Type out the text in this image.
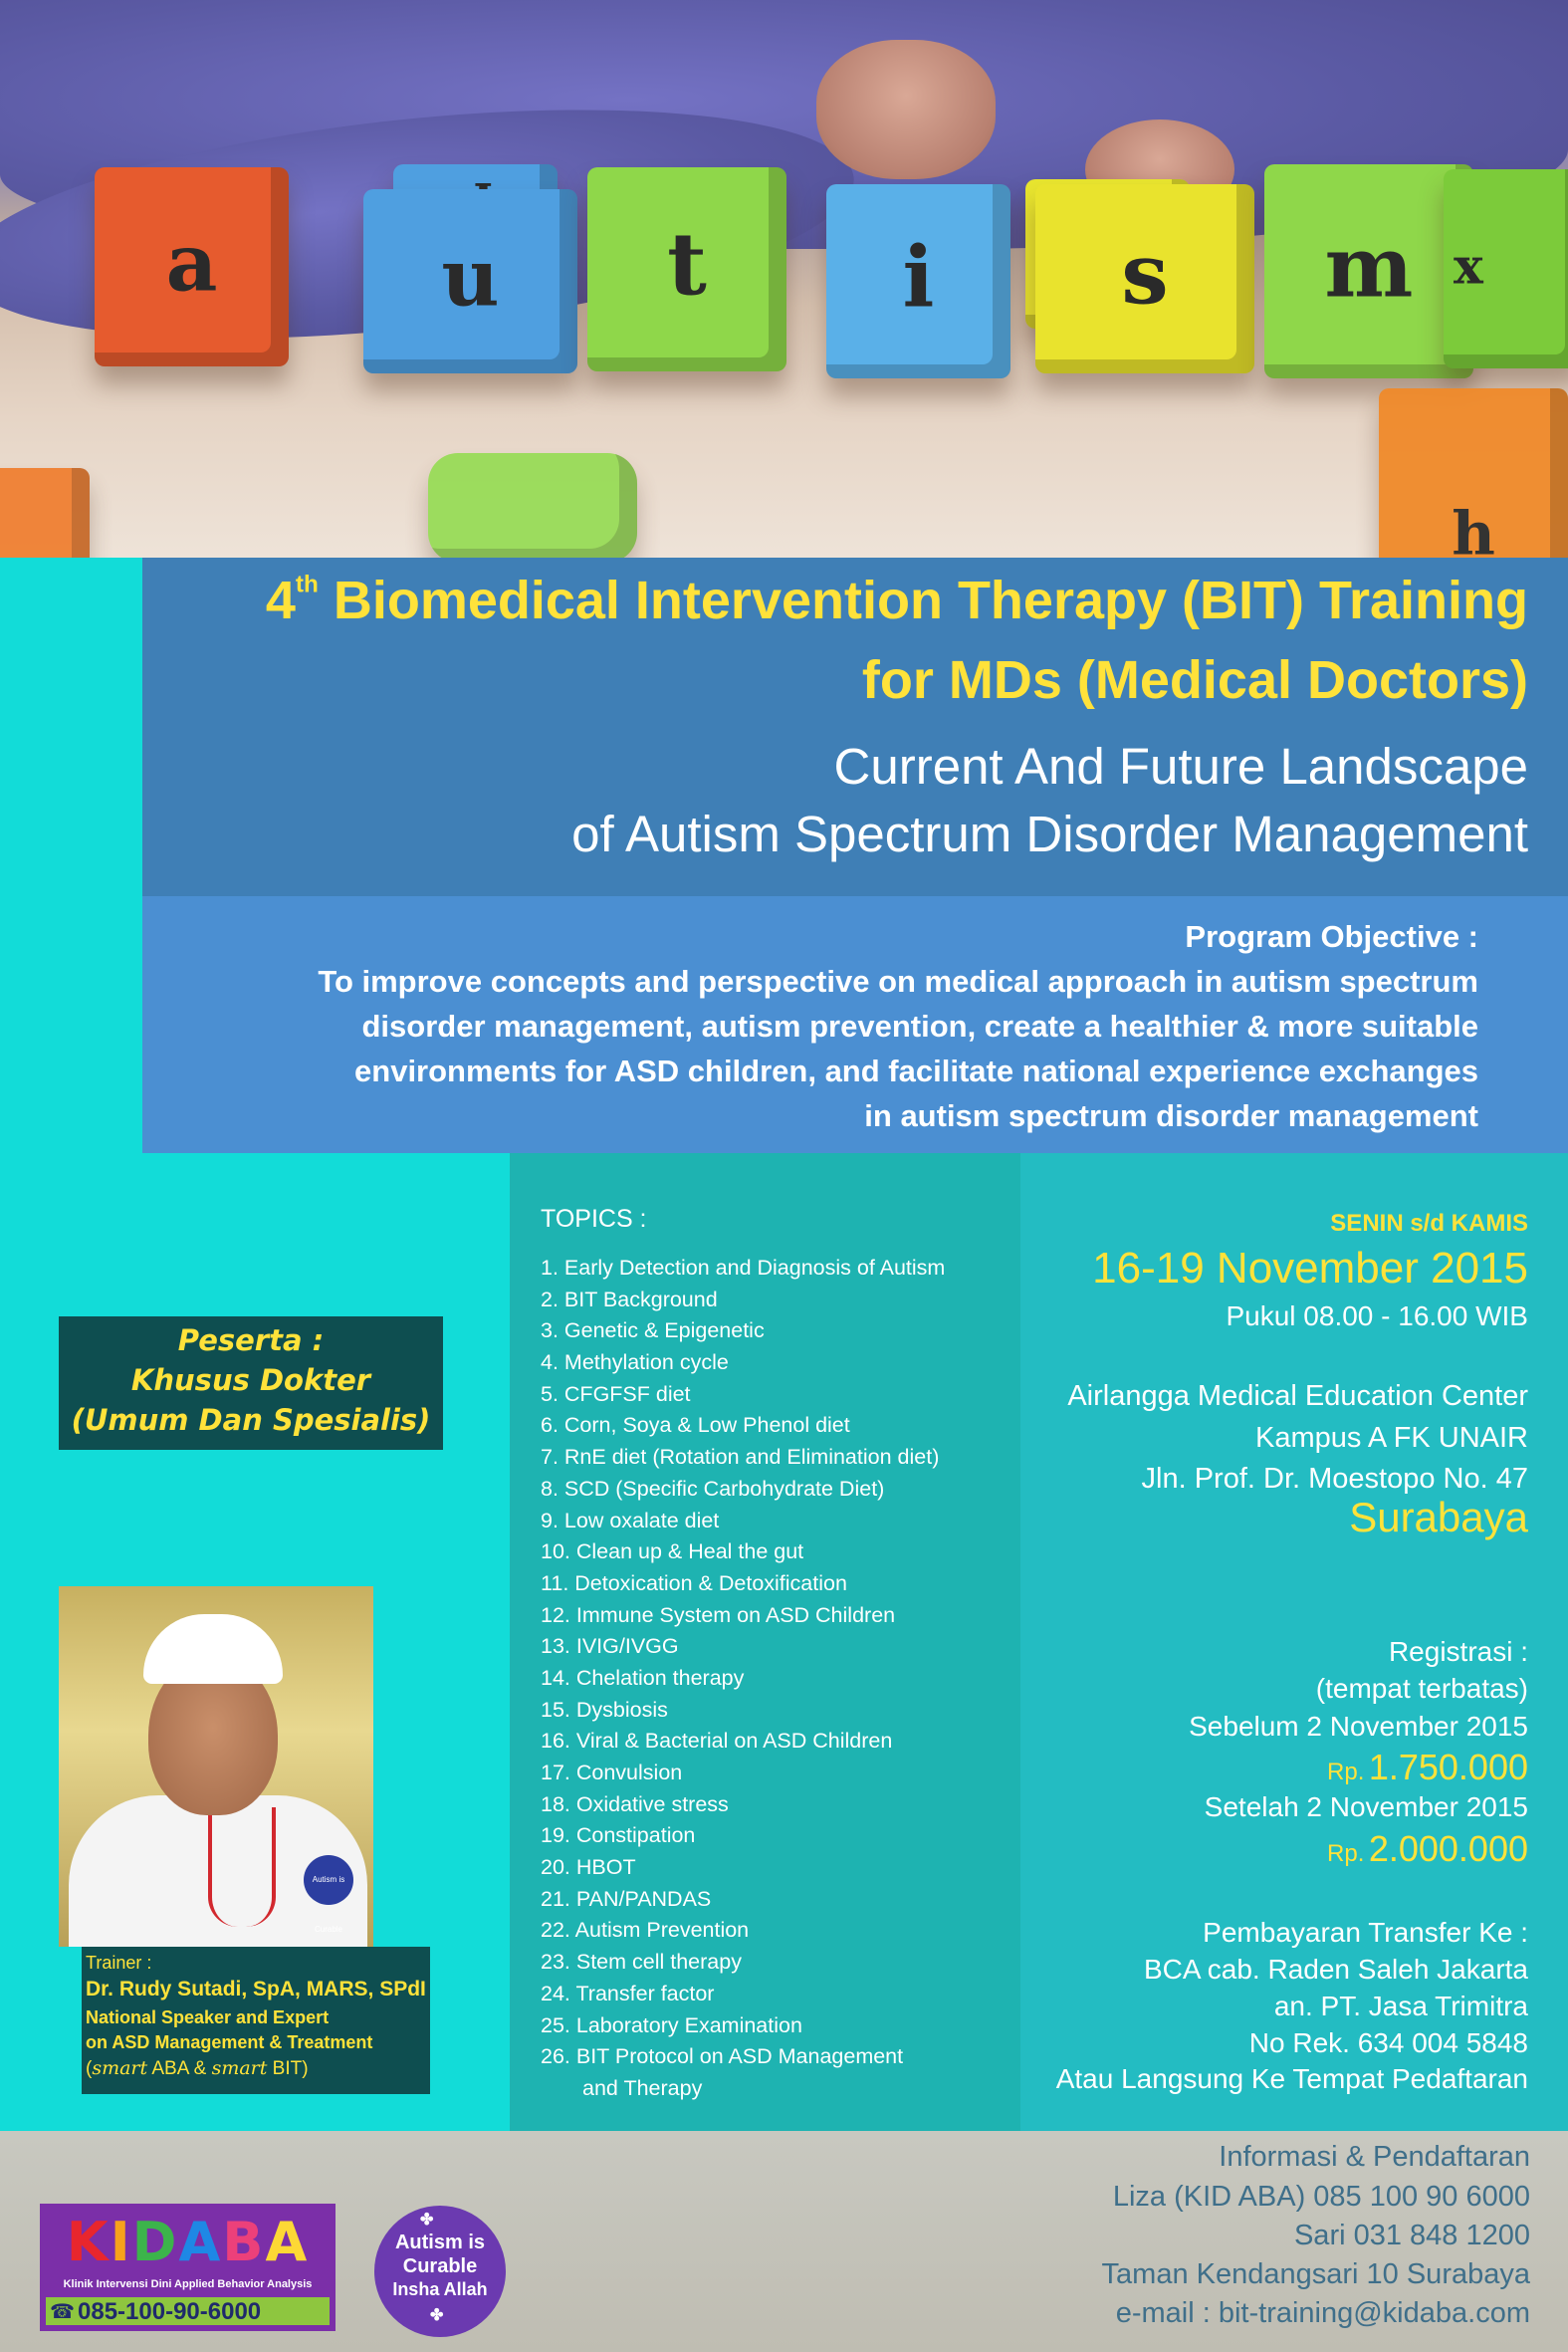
a	u	t	i	s	m x
h
4th Biomedical Intervention Therapy (BIT) Training
for MDs (Medical Doctors)
Current And Future Landscape
of Autism Spectrum Disorder Management

Program Objective :

To improve concepts and perspective on medical approach in autism spectrum

disorder management, autism prevention, create a healthier & more suitable

environments for ASD children, and facilitate national experience exchanges

in autism spectrum disorder management

TOPICS :
1. Early Detection and Diagnosis of Autism
2. BIT Background
3. Genetic & Epigenetic
4. Methylation cycle
5. CFGFSF diet
6. Corn, Soya & Low Phenol diet
7. RnE diet (Rotation and Elimination diet)
8. SCD (Specific Carbohydrate Diet)
9. Low oxalate diet
10. Clean up & Heal the gut
11. Detoxication & Detoxification
12. Immune System on ASD Children
13. IVIG/IVGG
14. Chelation therapy
15. Dysbiosis
16. Viral & Bacterial on ASD Children
17. Convulsion
18. Oxidative stress
19. Constipation
20. HBOT
21. PAN/PANDAS
22. Autism Prevention
23. Stem cell therapy
24. Transfer factor
25. Laboratory Examination
26. BIT Protocol on ASD Management
and Therapy
SENIN s/d KAMIS
16-19 November 2015
Pukul 08.00 - 16.00 WIB
Airlangga Medical Education Center
Kampus A FK UNAIR
Jln. Prof. Dr. Moestopo No. 47
Surabaya
Registrasi :
(tempat terbatas)
Sebelum 2 November 2015
Rp. 1.750.000
Setelah 2 November 2015
Rp. 2.000.000
Pembayaran Transfer Ke :
BCA cab. Raden Saleh Jakarta
an. PT. Jasa Trimitra
No Rek. 634 004 5848
Atau Langsung Ke Tempat Pedaftaran
Peserta :
Khusus Dokter
(Umum Dan Spesialis)
Autism is Curable
Trainer :
Dr. Rudy Sutadi, SpA, MARS, SPdI
National Speaker and Expert
on ASD Management & Treatment
(smart ABA & smart BIT)
Informasi & Pendaftaran
Liza (KID ABA) 085 100 90 6000
Sari 031 848 1200
Taman Kendangsari 10 Surabaya
e-mail : bit-training@kidaba.com
KIDABA
Klinik Intervensi Dini Applied Behavior Analysis
☎ 085-100-90-6000
✤
Autism is
Curable
Insha Allah
✤
